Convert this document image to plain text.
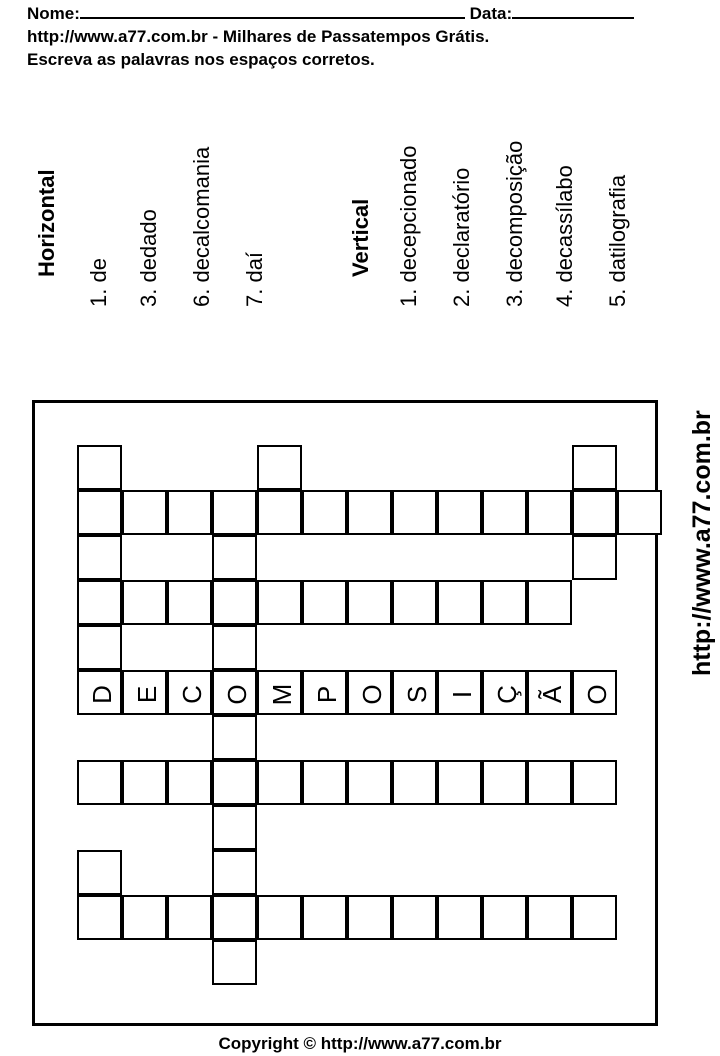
Nome:	Data:

http://www.a77.com.br - Milhares de Passatempos Grátis.

Escreva as palavras nos espaços corretos.

Horizontal
1. de 3. dedado 6. decalcomania 7. daí
Vertical 1. decepcionado 2. declaratório 3. decomposição 4. decassílabo 5. datilografia
http://www.a77.com.br
D E C O M P O S I Ç Ã O
Copyright © http://www.a77.com.br
